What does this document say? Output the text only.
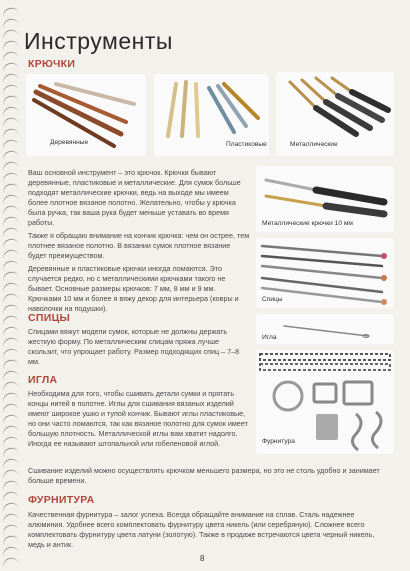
Инструменты
КРЮЧКИ
Деревянные	Пластиковые	Металлические

Ваш основной инструмент – это крючок. Крючки бывают деревянные, пластиковые и металлические. Для сумок больше подходят металлические крючки, ведь на выходе мы имеем более плотное вязаное полотно. Желательно, чтобы у крючка была ручка, так ваша рука будет меньше уставать во время работы.

Также я обращаю внимание на кончик крючка: чем он острее, тем плотнее вязаное полотно. В вязании сумок плотное вязание будет преимуществом.

Деревянные и пластиковые крючки иногда ломаются. Это случается редко, но с металлическими крючками такого не бывает. Основные размеры крючков: 7 мм, 8 мм и 9 мм. Крючками 10 мм и более я вяжу декор для интерьера (ковры и наволочки на подушки).

Металлические крючки 10 мм
Спицы
Игла
Фурнитура
СПИЦЫ

Спицами вяжут модели сумок, которые не должны держать жесткую форму. По металлическим спицам пряжа лучше скользит, что упрощает работу. Размер подходящих спиц – 7–8 мм.

ИГЛА

Необходима для того, чтобы сшивать детали сумки и прятать концы нитей в полотне. Иглы для сшивания вязаных изделий имеют широкое ушко и тупой кончик. Бывают иглы пластиковые, но они часто ломаются, так как вязаное полотно для сумок имеет большую плотность. Металлической иглы вам хватит надолго. Иногда ее называют штопальной или гобеленовой иглой.

Сшивание изделий можно осуществлять крючком меньшего размера, но это не столь удобно и занимает больше времени.

ФУРНИТУРА

Качественная фурнитура – залог успеха. Всегда обращайте внимание на сплав. Сталь надежнее алюминия. Удобнее всего комплектовать фурнитуру цвета никель (или серебряную). Сложнее всего комплектовать фурнитуру цвета латуни (золотую). Также в продаже встречаются цвета черный никель, медь и антик.

8
